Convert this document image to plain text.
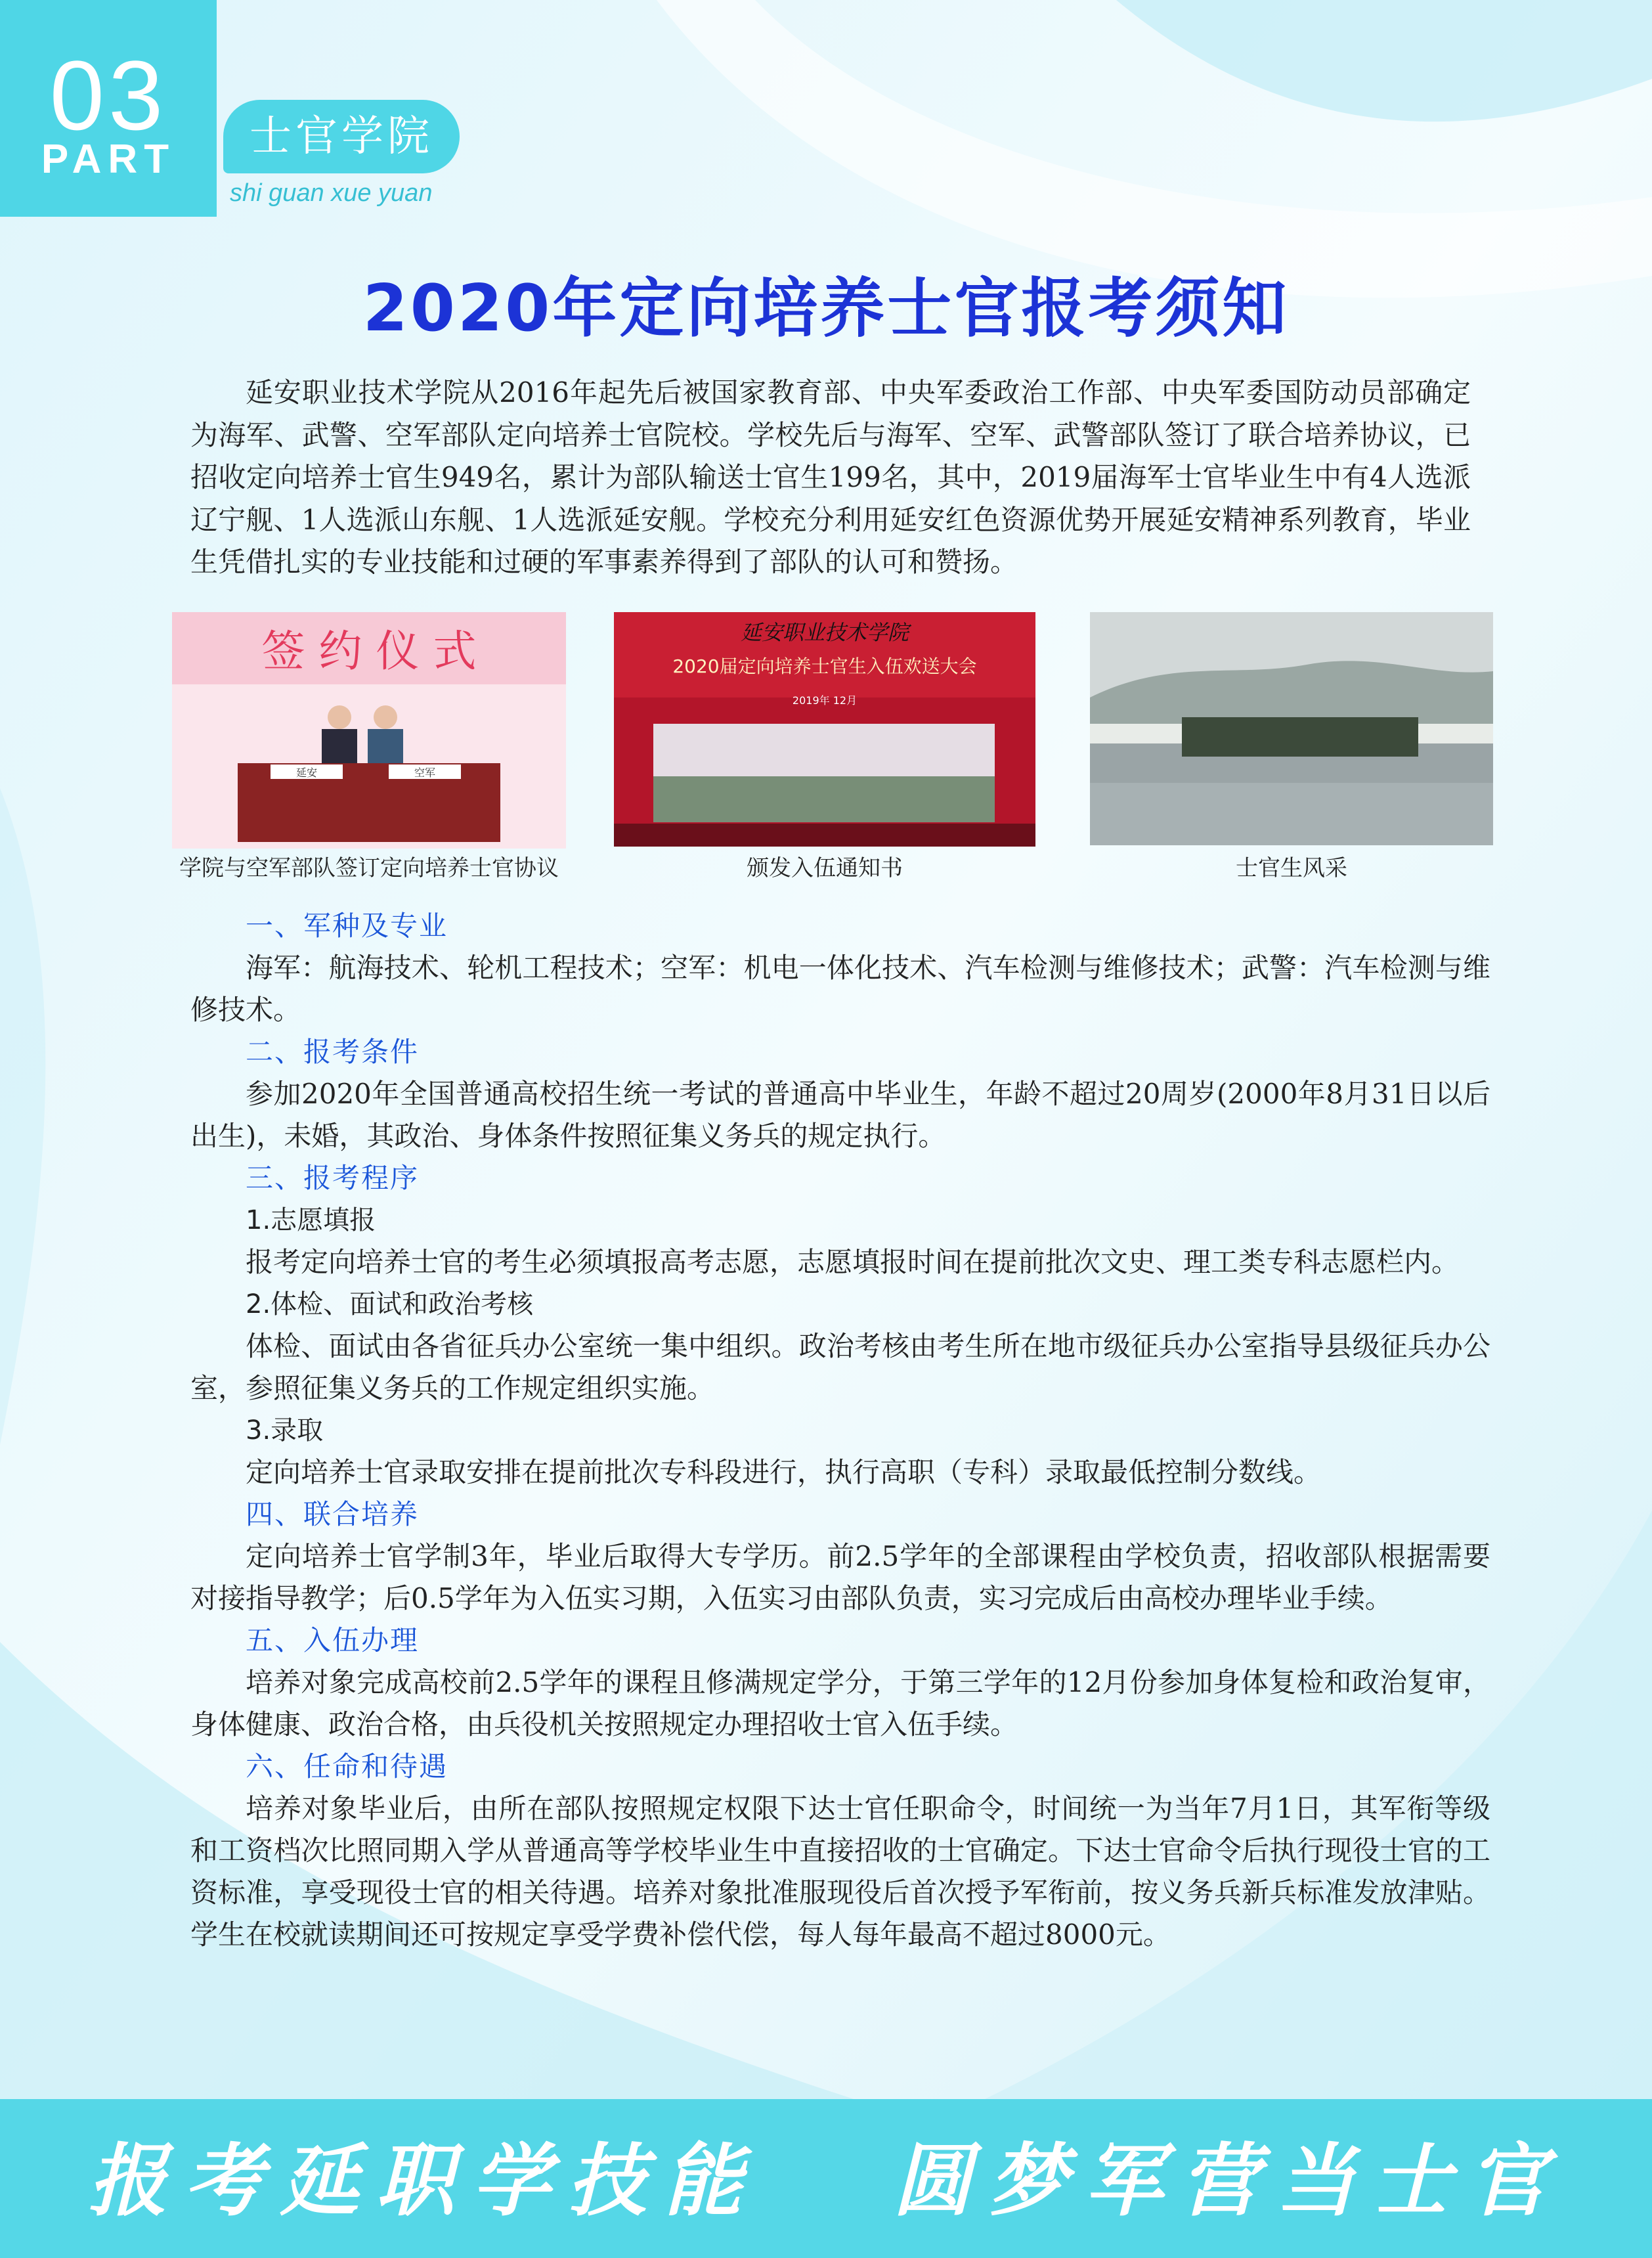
03
PART	士官学院
shi guan xue yuan
2020年定向培养士官报考须知

延安职业技术学院从2016年起先后被国家教育部、中央军委政治工作部、中央军委国防动员部确定为海军、武警、空军部队定向培养士官院校。学校先后与海军、空军、武警部队签订了联合培养协议，已招收定向培养士官生949名，累计为部队输送士官生199名，其中，2019届海军士官毕业生中有4人选派辽宁舰、1人选派山东舰、1人选派延安舰。学校充分利用延安红色资源优势开展延安精神系列教育，毕业生凭借扎实的专业技能和过硬的军事素养得到了部队的认可和赞扬。

签 约 仪 式
延安	空军
学院与空军部队签订定向培养士官协议
延安职业技术学院
2020届定向培养士官生入伍欢送大会
2019年 12月
颁发入伍通知书	士官生风采
一、军种及专业

海军：航海技术、轮机工程技术；空军：机电一体化技术、汽车检测与维修技术；武警：汽车检测与维修技术。

二、报考条件

参加2020年全国普通高校招生统一考试的普通高中毕业生，年龄不超过20周岁(2000年8月31日以后出生)，未婚，其政治、身体条件按照征集义务兵的规定执行。

三、报考程序
1.志愿填报

报考定向培养士官的考生必须填报高考志愿，志愿填报时间在提前批次文史、理工类专科志愿栏内。

2.体检、面试和政治考核

体检、面试由各省征兵办公室统一集中组织。政治考核由考生所在地市级征兵办公室指导县级征兵办公室，参照征集义务兵的工作规定组织实施。

3.录取

定向培养士官录取安排在提前批次专科段进行，执行高职（专科）录取最低控制分数线。

四、联合培养

定向培养士官学制3年，毕业后取得大专学历。前2.5学年的全部课程由学校负责，招收部队根据需要对接指导教学；后0.5学年为入伍实习期，入伍实习由部队负责，实习完成后由高校办理毕业手续。

五、入伍办理

培养对象完成高校前2.5学年的课程且修满规定学分，于第三学年的12月份参加身体复检和政治复审，身体健康、政治合格，由兵役机关按照规定办理招收士官入伍手续。

六、任命和待遇

培养对象毕业后，由所在部队按照规定权限下达士官任职命令，时间统一为当年7月1日，其军衔等级和工资档次比照同期入学从普通高等学校毕业生中直接招收的士官确定。下达士官命令后执行现役士官的工资标准，享受现役士官的相关待遇。培养对象批准服现役后首次授予军衔前，按义务兵新兵标准发放津贴。学生在校就读期间还可按规定享受学费补偿代偿，每人每年最高不超过8000元。

报考延职学技能   圆梦军营当士官
